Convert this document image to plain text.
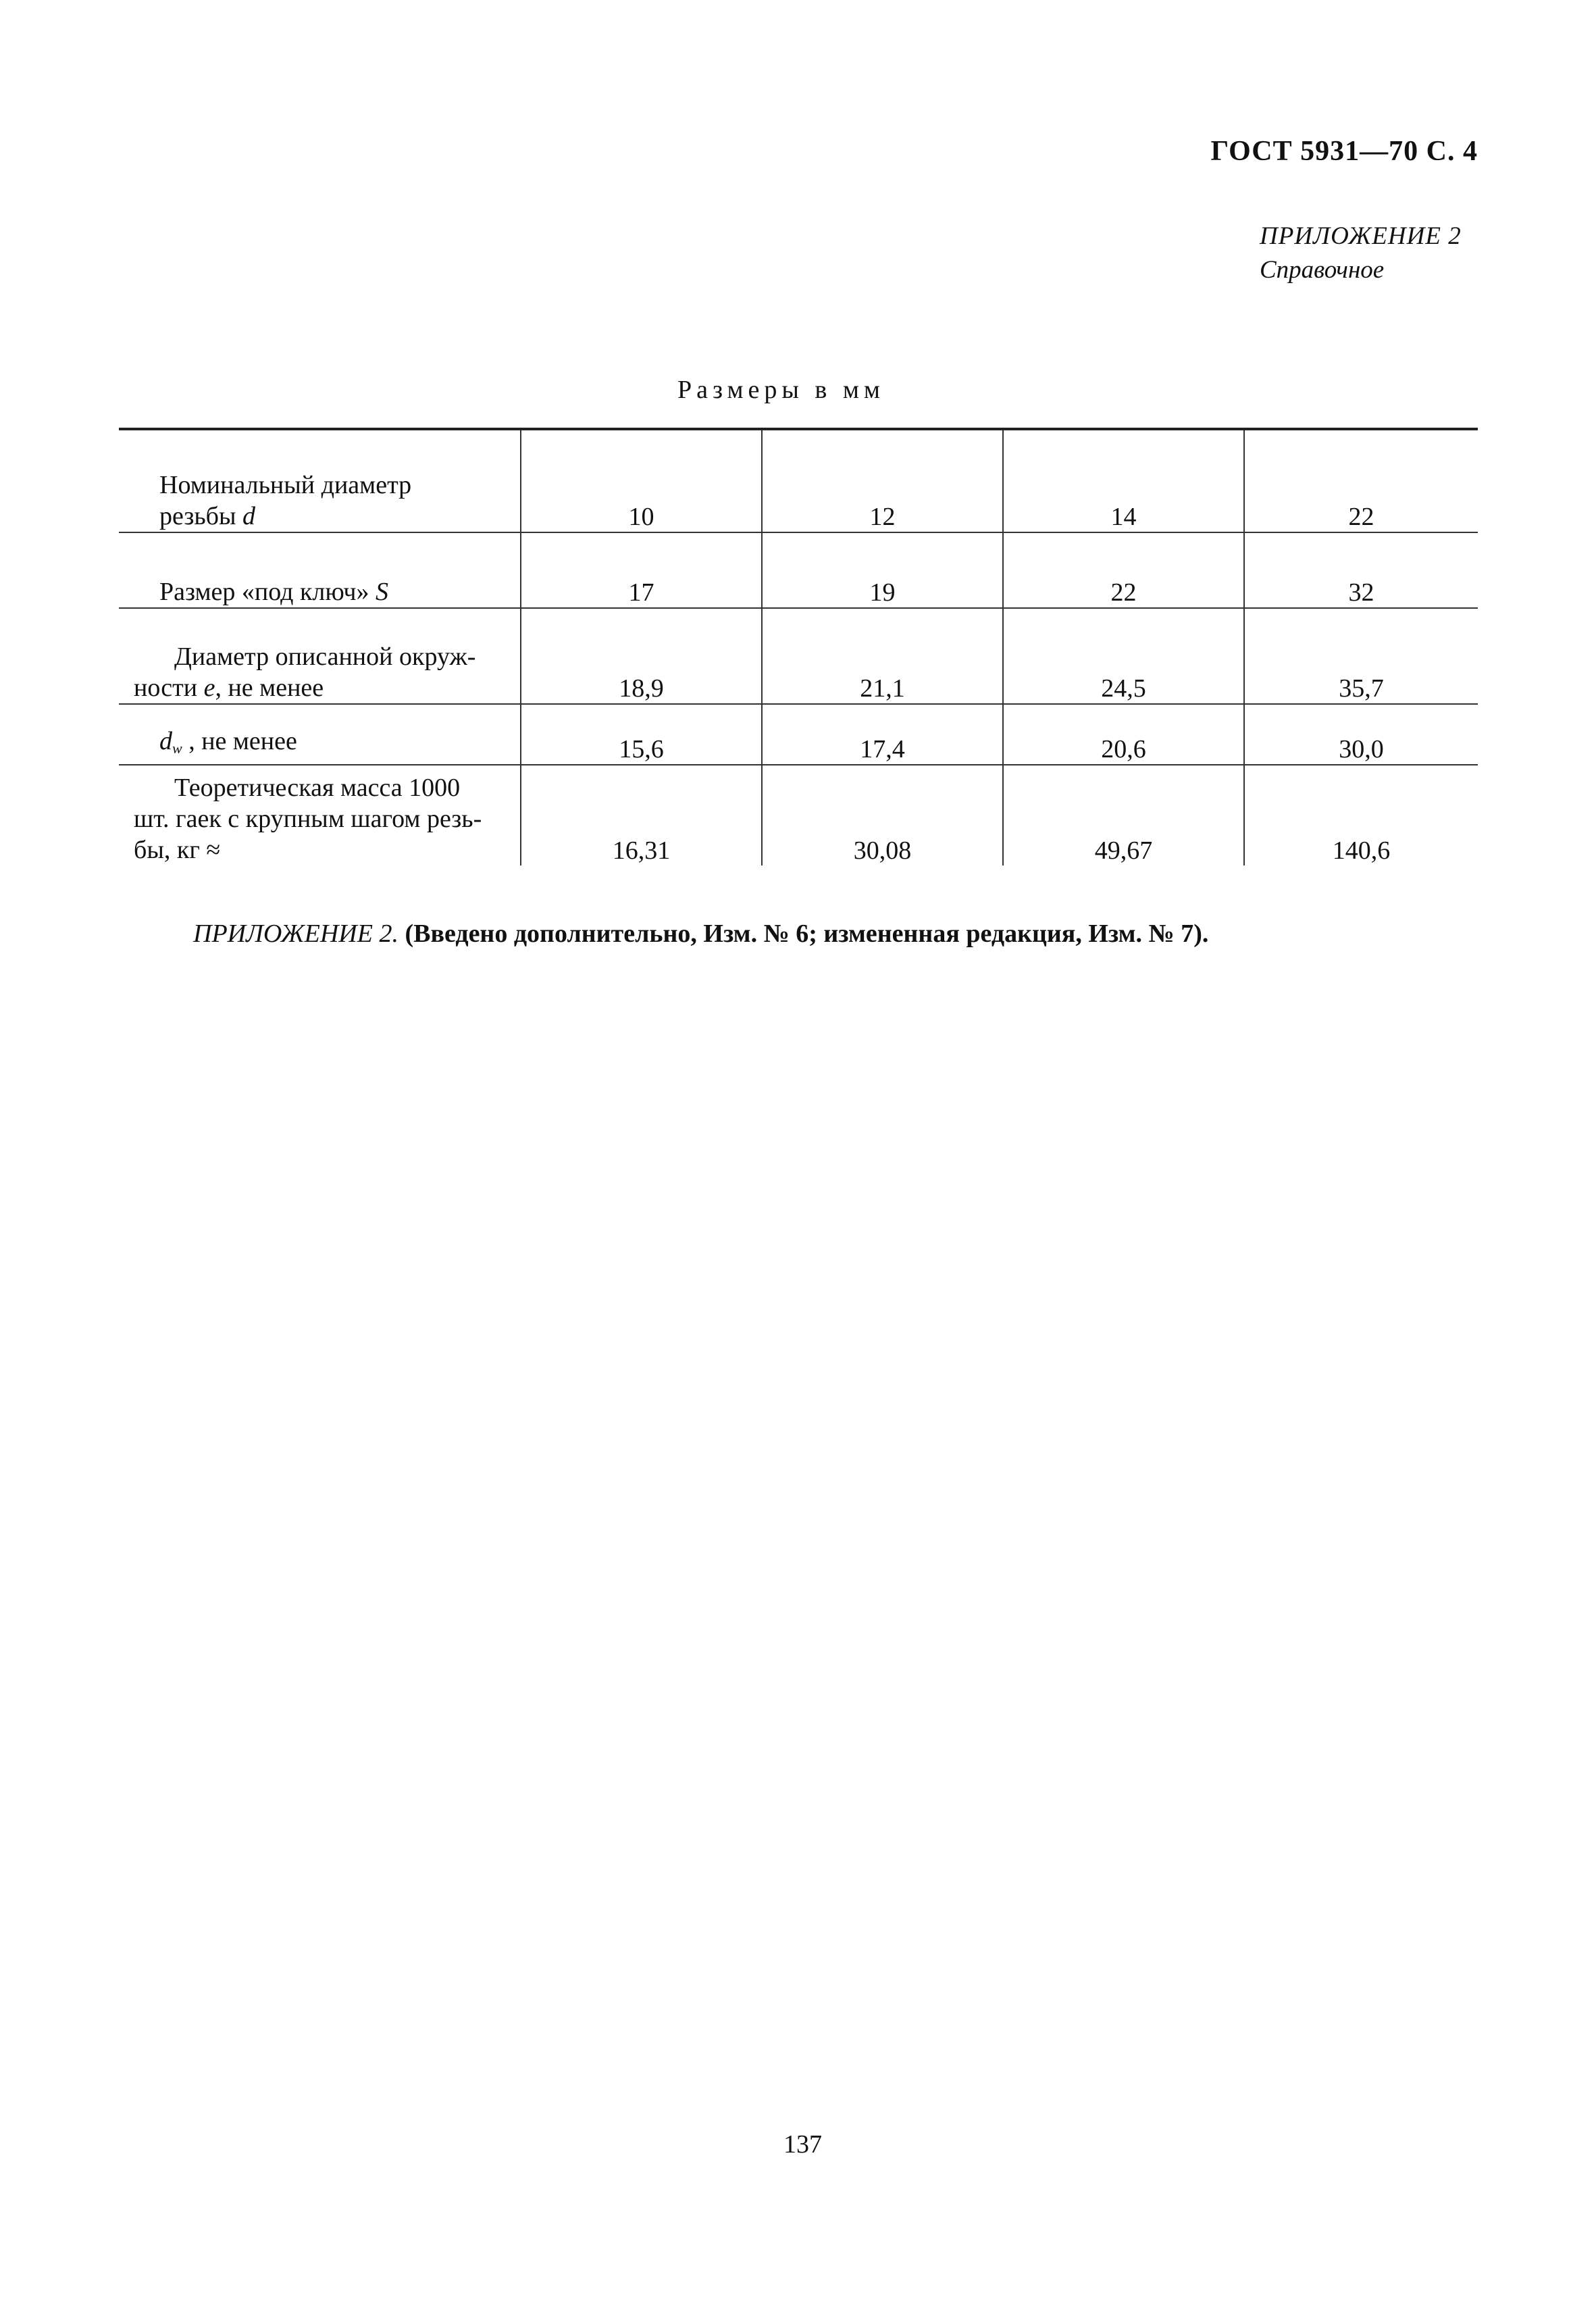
ГОСТ 5931—70 С. 4
ПРИЛОЖЕНИЕ 2
Справочное
Размеры в мм
Номинальный диаметр
резьбы d	10	12	14	22
Размер «под ключ» S	17	19	22	32
Диаметр описанной окруж-
ности e, не менее	18,9	21,1	24,5	35,7
$d_w$ , не менее	15,6	17,4	20,6	30,0
Теоретическая масса 1000
шт. гаек с крупным шагом резь-
бы, кг ≈	16,31	30,08	49,67	140,6
ПРИЛОЖЕНИЕ 2. (Введено дополнительно, Изм. № 6; измененная редакция, Изм. № 7).
137
